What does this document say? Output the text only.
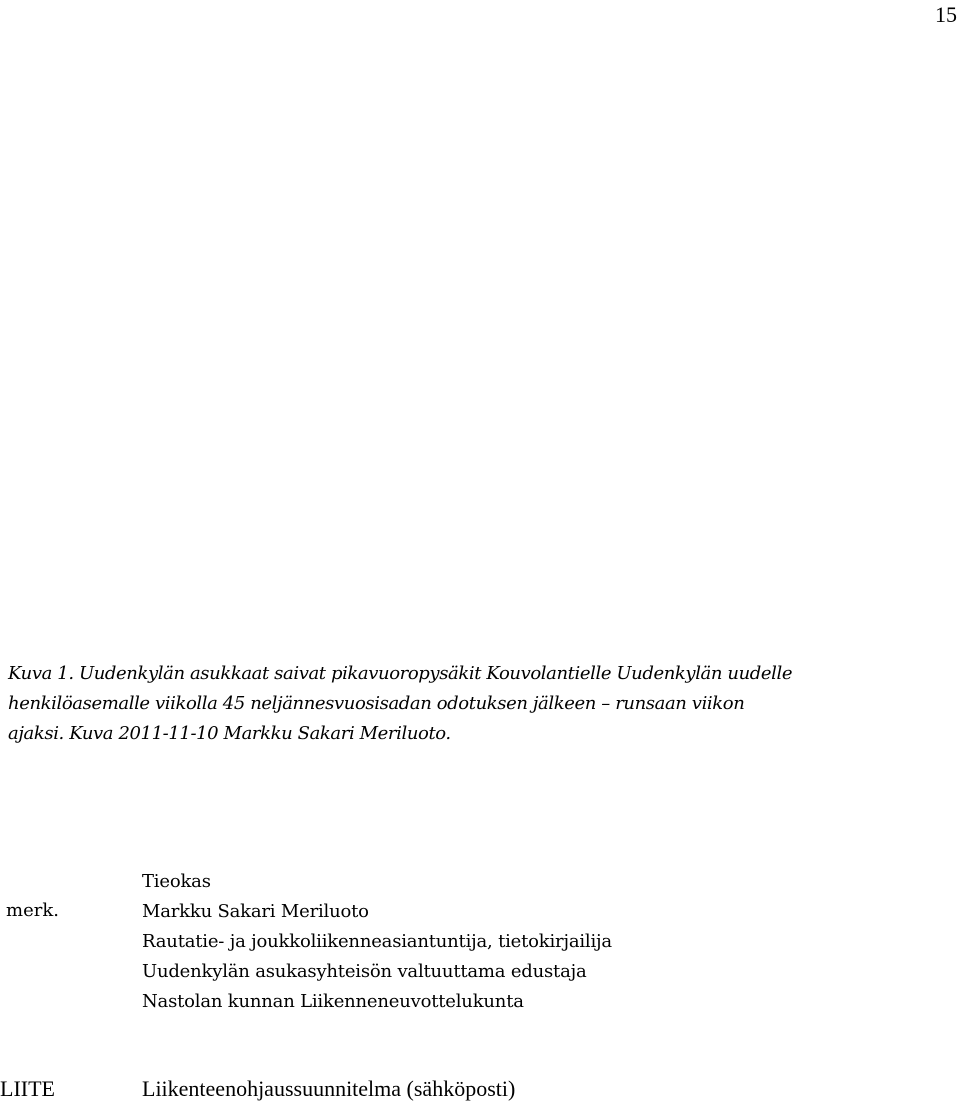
15

Kuva 1. Uudenkylän asukkaat saivat pikavuoropysäkit Kouvolantielle Uudenkylän uudelle
henkilöasemalle viikolla 45 neljännesvuosisadan odotuksen jälkeen – runsaan viikon
ajaksi. Kuva 2011-11-10 Markku Sakari Meriluoto.

merk.
Tieokas
Markku Sakari Meriluoto
Rautatie- ja joukkoliikenneasiantuntija, tietokirjailija
Uudenkylän asukasyhteisön valtuuttama edustaja
Nastolan kunnan Liikenneneuvottelukunta
LIITE	Liikenteenohjaussuunnitelma (sähköposti)
